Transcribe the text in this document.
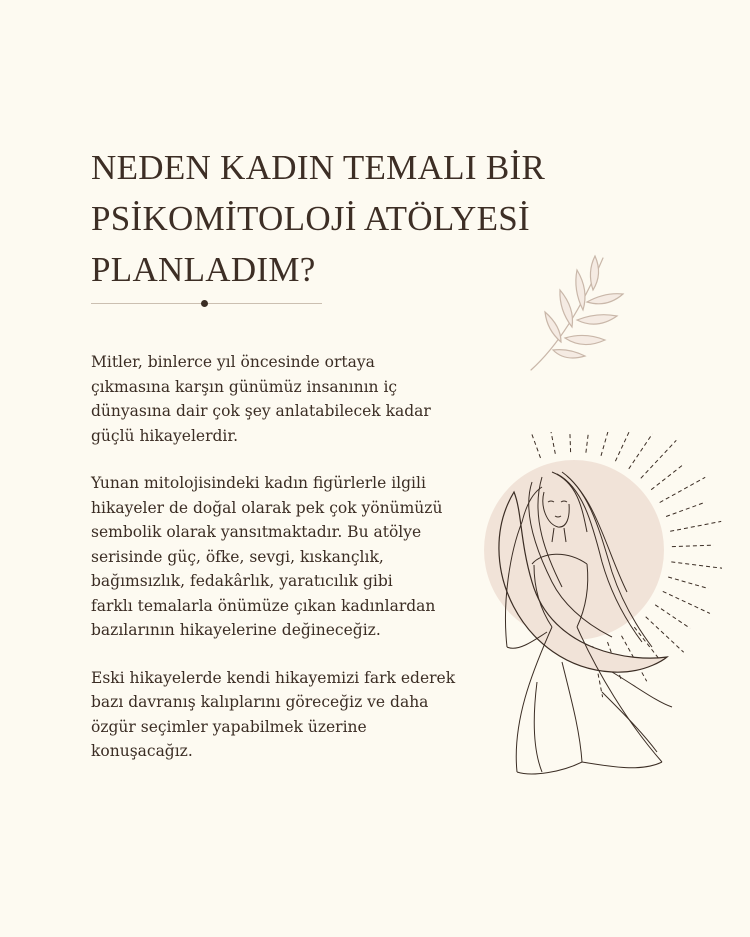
NEDEN KADIN TEMALI BİR
PSİKOMİTOLOJİ ATÖLYESİ
PLANLADIM?

Mitler, binlerce yıl öncesinde ortaya
çıkmasına karşın günümüz insanının iç
dünyasına dair çok şey anlatabilecek kadar
güçlü hikayelerdir.

Yunan mitolojisindeki kadın figürlerle ilgili
hikayeler de doğal olarak pek çok yönümüzü
sembolik olarak yansıtmaktadır. Bu atölye
serisinde güç, öfke, sevgi, kıskançlık,
bağımsızlık, fedakârlık, yaratıcılık gibi
farklı temalarla önümüze çıkan kadınlardan
bazılarının hikayelerine değineceğiz.

Eski hikayelerde kendi hikayemizi fark ederek
bazı davranış kalıplarını göreceğiz ve daha
özgür seçimler yapabilmek üzerine
konuşacağız.
